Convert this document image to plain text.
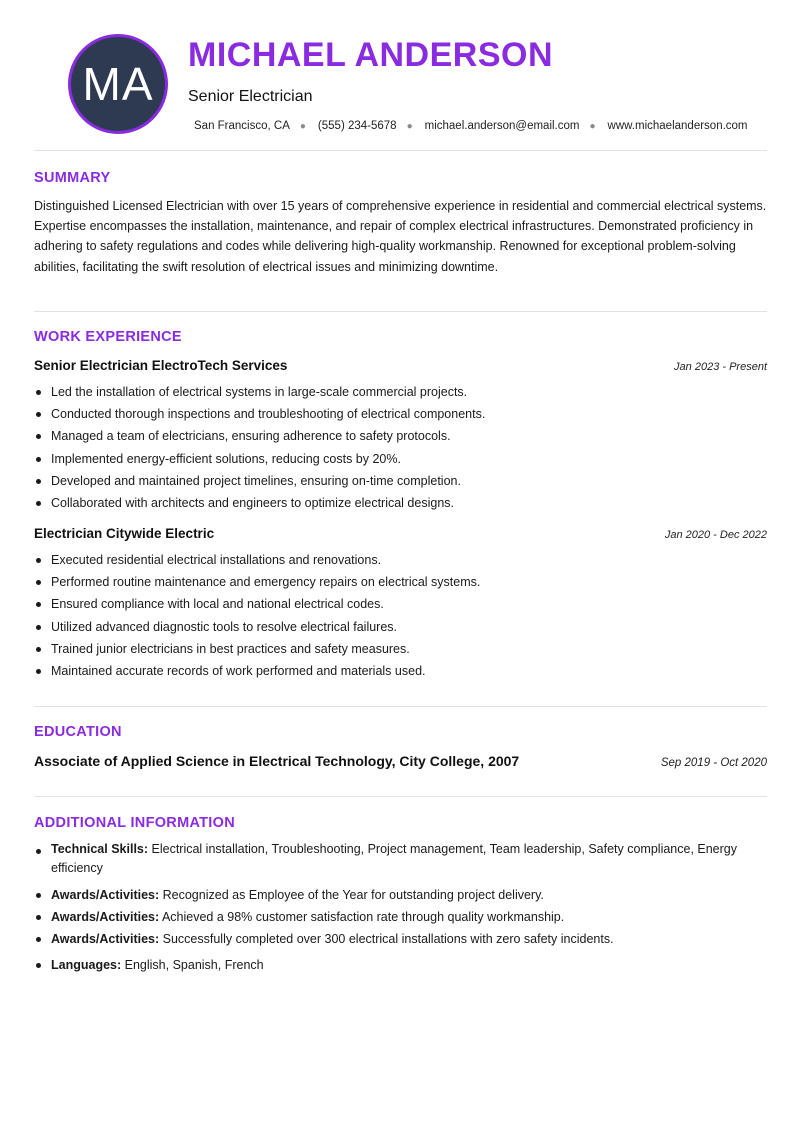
MA
MICHAEL ANDERSON
Senior Electrician
San Francisco, CA ● (555) 234-5678 ● michael.anderson@email.com ● www.michaelanderson.com
SUMMARY

Distinguished Licensed Electrician with over 15 years of comprehensive experience in residential and commercial electrical systems. Expertise encompasses the installation, maintenance, and repair of complex electrical infrastructures. Demonstrated proficiency in adhering to safety regulations and codes while delivering high-quality workmanship. Renowned for exceptional problem-solving abilities, facilitating the swift resolution of electrical issues and minimizing downtime.

WORK EXPERIENCE
Senior Electrician ElectroTech Services	Jan 2023 - Present
Led the installation of electrical systems in large-scale commercial projects.
Conducted thorough inspections and troubleshooting of electrical components.
Managed a team of electricians, ensuring adherence to safety protocols.
Implemented energy-efficient solutions, reducing costs by 20%.
Developed and maintained project timelines, ensuring on-time completion.
Collaborated with architects and engineers to optimize electrical designs.
Electrician Citywide Electric	Jan 2020 - Dec 2022
Executed residential electrical installations and renovations.
Performed routine maintenance and emergency repairs on electrical systems.
Ensured compliance with local and national electrical codes.
Utilized advanced diagnostic tools to resolve electrical failures.
Trained junior electricians in best practices and safety measures.
Maintained accurate records of work performed and materials used.
EDUCATION
Associate of Applied Science in Electrical Technology, City College, 2007	Sep 2019 - Oct 2020
ADDITIONAL INFORMATION
Technical Skills: Electrical installation, Troubleshooting, Project management, Team leadership, Safety compliance, Energy efficiency
Awards/Activities: Recognized as Employee of the Year for outstanding project delivery.
Awards/Activities: Achieved a 98% customer satisfaction rate through quality workmanship.
Awards/Activities: Successfully completed over 300 electrical installations with zero safety incidents.
Languages: English, Spanish, French
